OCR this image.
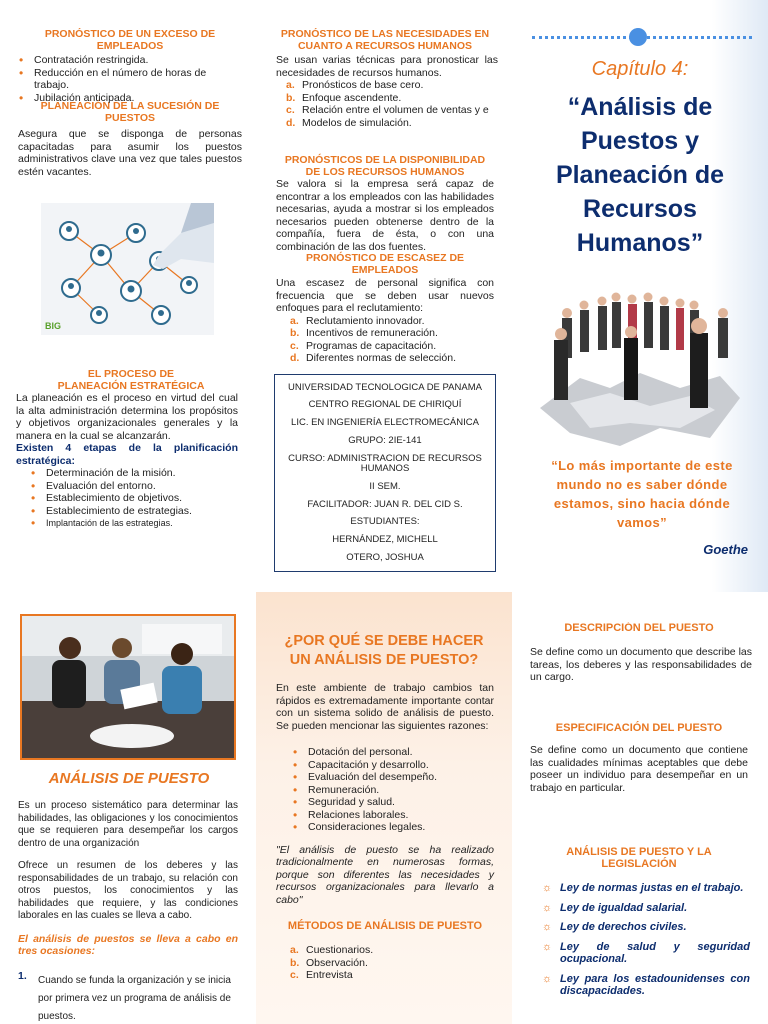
PRONÓSTICO DE UN EXCESO DE EMPLEADOS

• Contratación restringida.
• Reducción en el número de horas de trabajo.
• Jubilación anticipada.

PLANEACIÓN DE LA SUCESIÓN DE PUESTOS

Asegura que se disponga de personas capacitadas para asumir los puestos administrativos clave una vez que tales puestos estén vacantes.

BIG

EL PROCESO DE PLANEACIÓN ESTRATÉGICA

La planeación es el proceso en virtud del cual la alta administración determina los propósitos y objetivos organizacionales generales y la manera en la cual se alcanzarán.

Existen 4 etapas de la planificación estratégica:

• Determinación de la misión.
• Evaluación del entorno.
• Establecimiento de objetivos.
• Establecimiento de estrategias.
• Implantación de las estrategias.

PRONÓSTICO DE LAS NECESIDADES EN CUANTO A RECURSOS HUMANOS

Se usan varias técnicas para pronosticar las necesidades de recursos humanos.

a. Pronósticos de base cero.
b. Enfoque ascendente.
c. Relación entre el volumen de ventas y e
d. Modelos de simulación.

PRONÓSTICOS DE LA DISPONIBILIDAD DE LOS RECURSOS HUMANOS

Se valora si la empresa será capaz de encontrar a los empleados con las habilidades necesarias, ayuda a mostrar si los empleados necesarios pueden obtenerse dentro de la compañía, fuera de ésta, o con una combinación de las dos fuentes.

PRONÓSTICO DE ESCASEZ DE EMPLEADOS

Una escasez de personal significa con frecuencia que se deben usar nuevos enfoques para el reclutamiento:

a. Reclutamiento innovador.
b. Incentivos de remuneración.
c. Programas de capacitación.
d. Diferentes normas de selección.

UNIVERSIDAD TECNOLOGICA DE PANAMA

CENTRO REGIONAL DE CHIRIQUÍ

LIC. EN INGENIERÍA ELECTROMECÁNICA

GRUPO: 2IE-141

CURSO: ADMINISTRACION DE RECURSOS HUMANOS

II SEM.

FACILITADOR: JUAN R. DEL CID S.

ESTUDIANTES:

HERNÁNDEZ, MICHELL

OTERO, JOSHUA

Capítulo 4:
“Análisis de Puestos y Planeación de Recursos Humanos”
“Lo más importante de este mundo no es saber dónde estamos, sino hacia dónde vamos”
Goethe
ANÁLISIS DE PUESTO

Es un proceso sistemático para determinar las habilidades, las obligaciones y los conocimientos que se requieren para desempeñar los cargos dentro de una organización

Ofrece un resumen de los deberes y las responsabilidades de un trabajo, su relación con otros puestos, los conocimientos y las habilidades que requiere, y las condiciones laborales en las cuales se lleva a cabo.

El análisis de puestos se lleva a cabo en tres ocasiones:

1. Cuando se funda la organización y se inicia por primera vez un programa de análisis de puestos.
¿POR QUÉ SE DEBE HACER UN ANÁLISIS DE PUESTO?

En este ambiente de trabajo cambios tan rápidos es extremadamente importante contar con un sistema solido de análisis de puesto. Se pueden mencionar las siguientes razones:

• Dotación del personal.
• Capacitación y desarrollo.
• Evaluación del desempeño.
• Remuneración.
• Seguridad y salud.
• Relaciones laborales.
• Consideraciones legales.

"El análisis de puesto se ha realizado tradicionalmente en numerosas formas, porque son diferentes las necesidades y recursos organizacionales para llevarlo a cabo"

MÉTODOS DE ANÁLISIS DE PUESTO

a. Cuestionarios.
b. Observación.
c. Entrevista

DESCRIPCIÓN DEL PUESTO

Se define como un documento que describe las tareas, los deberes y las responsabilidades de un cargo.

ESPECIFICACIÓN DEL PUESTO

Se define como un documento que contiene las cualidades mínimas aceptables que debe poseer un individuo para desempeñar en un trabajo en particular.

ANÁLISIS DE PUESTO Y LA LEGISLACIÓN

☼ Ley de normas justas en el trabajo.
☼ Ley de igualdad salarial.
☼ Ley de derechos civiles.
☼ Ley de salud y seguridad ocupacional.
☼ Ley para los estadounidenses con discapacidades.
